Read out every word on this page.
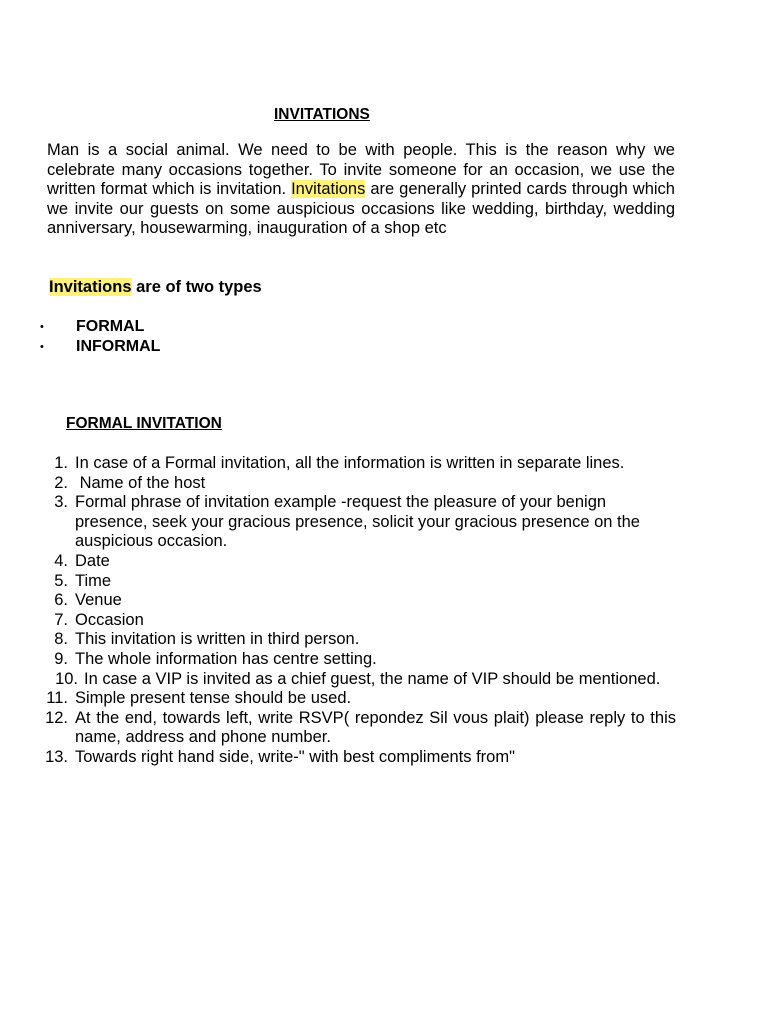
INVITATIONS

Man is a social animal. We need to be with people. This is the reason why we celebrate many occasions together. To invite someone for an occasion, we use the written format which is invitation. Invitations are generally printed cards through which we invite our guests on some auspicious occasions like wedding, birthday, wedding anniversary, housewarming, inauguration of a shop etc

Invitations are of two types
• FORMAL
• INFORMAL
FORMAL INVITATION
1. In case of a Formal invitation, all the information is written in separate lines.
2. Name of the host
3. Formal phrase of invitation example -request the pleasure of your benign presence, seek your gracious presence, solicit your gracious presence on the auspicious occasion.
4. Date
5. Time
6. Venue
7. Occasion
8. This invitation is written in third person.
9. The whole information has centre setting.
10. In case a VIP is invited as a chief guest, the name of VIP should be mentioned.
11. Simple present tense should be used.
12. At the end, towards left, write RSVP( repondez Sil vous plait) please reply to this name, address and phone number.
13. Towards right hand side, write-" with best compliments from"
